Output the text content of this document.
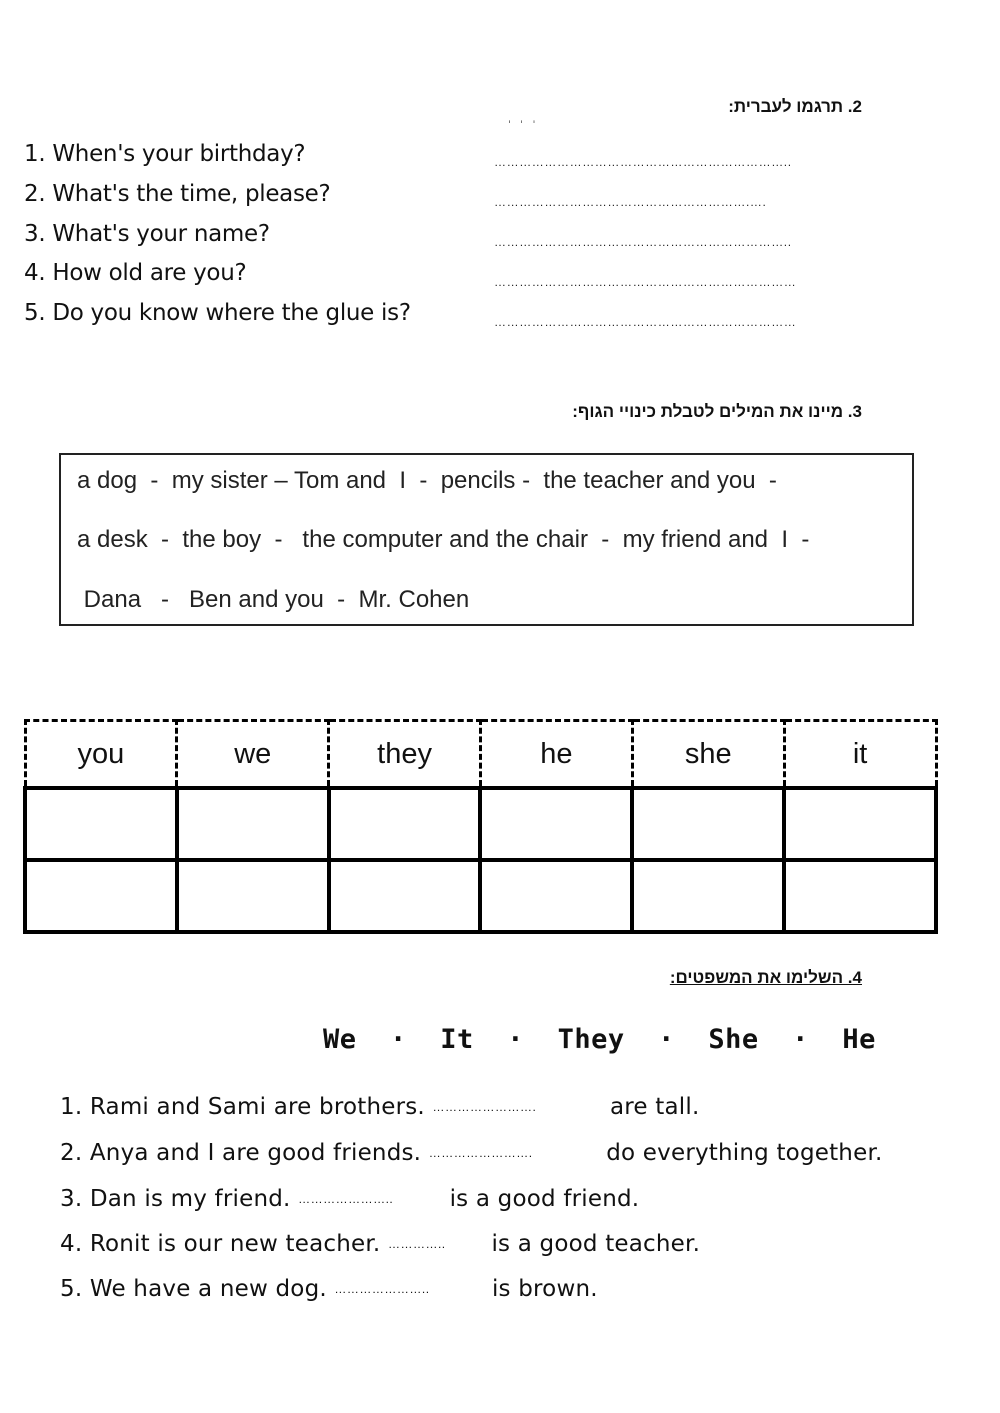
2. תרגמו לעברית:
ˈ   ˈ   ˈ
1. When's your birthday?	……………………………………………………………..
2. What's the time, please?	…………………………………………………….….
3. What's your name?	……………………………………………………………..
4. How old are you?	………………………………………………………………
5. Do you know where the glue is?	………………………………………………………………
3. מיינו את המילים לטבלת כינויי הגוף:
a dog  -  my sister – Tom and  I  -  pencils -  the teacher and you  -
a desk  -  the boy  -   the computer and the chair  -  my friend and  I  -
Dana   -   Ben and you  -  Mr. Cohen
you	we	they	he	she	it

4. השלימו את המשפטים:
We  ·  It  ·  They  ·  She  ·  He
1. Rami and Sami are brothers. …………………….	are tall.
2. Anya and I are good friends. …………………….	do everything together.
3. Dan is my friend. ………………….. is a good friend.
4. Ronit is our new teacher. ………….. is a good teacher.
5. We have a new dog. …………………..	is brown.
